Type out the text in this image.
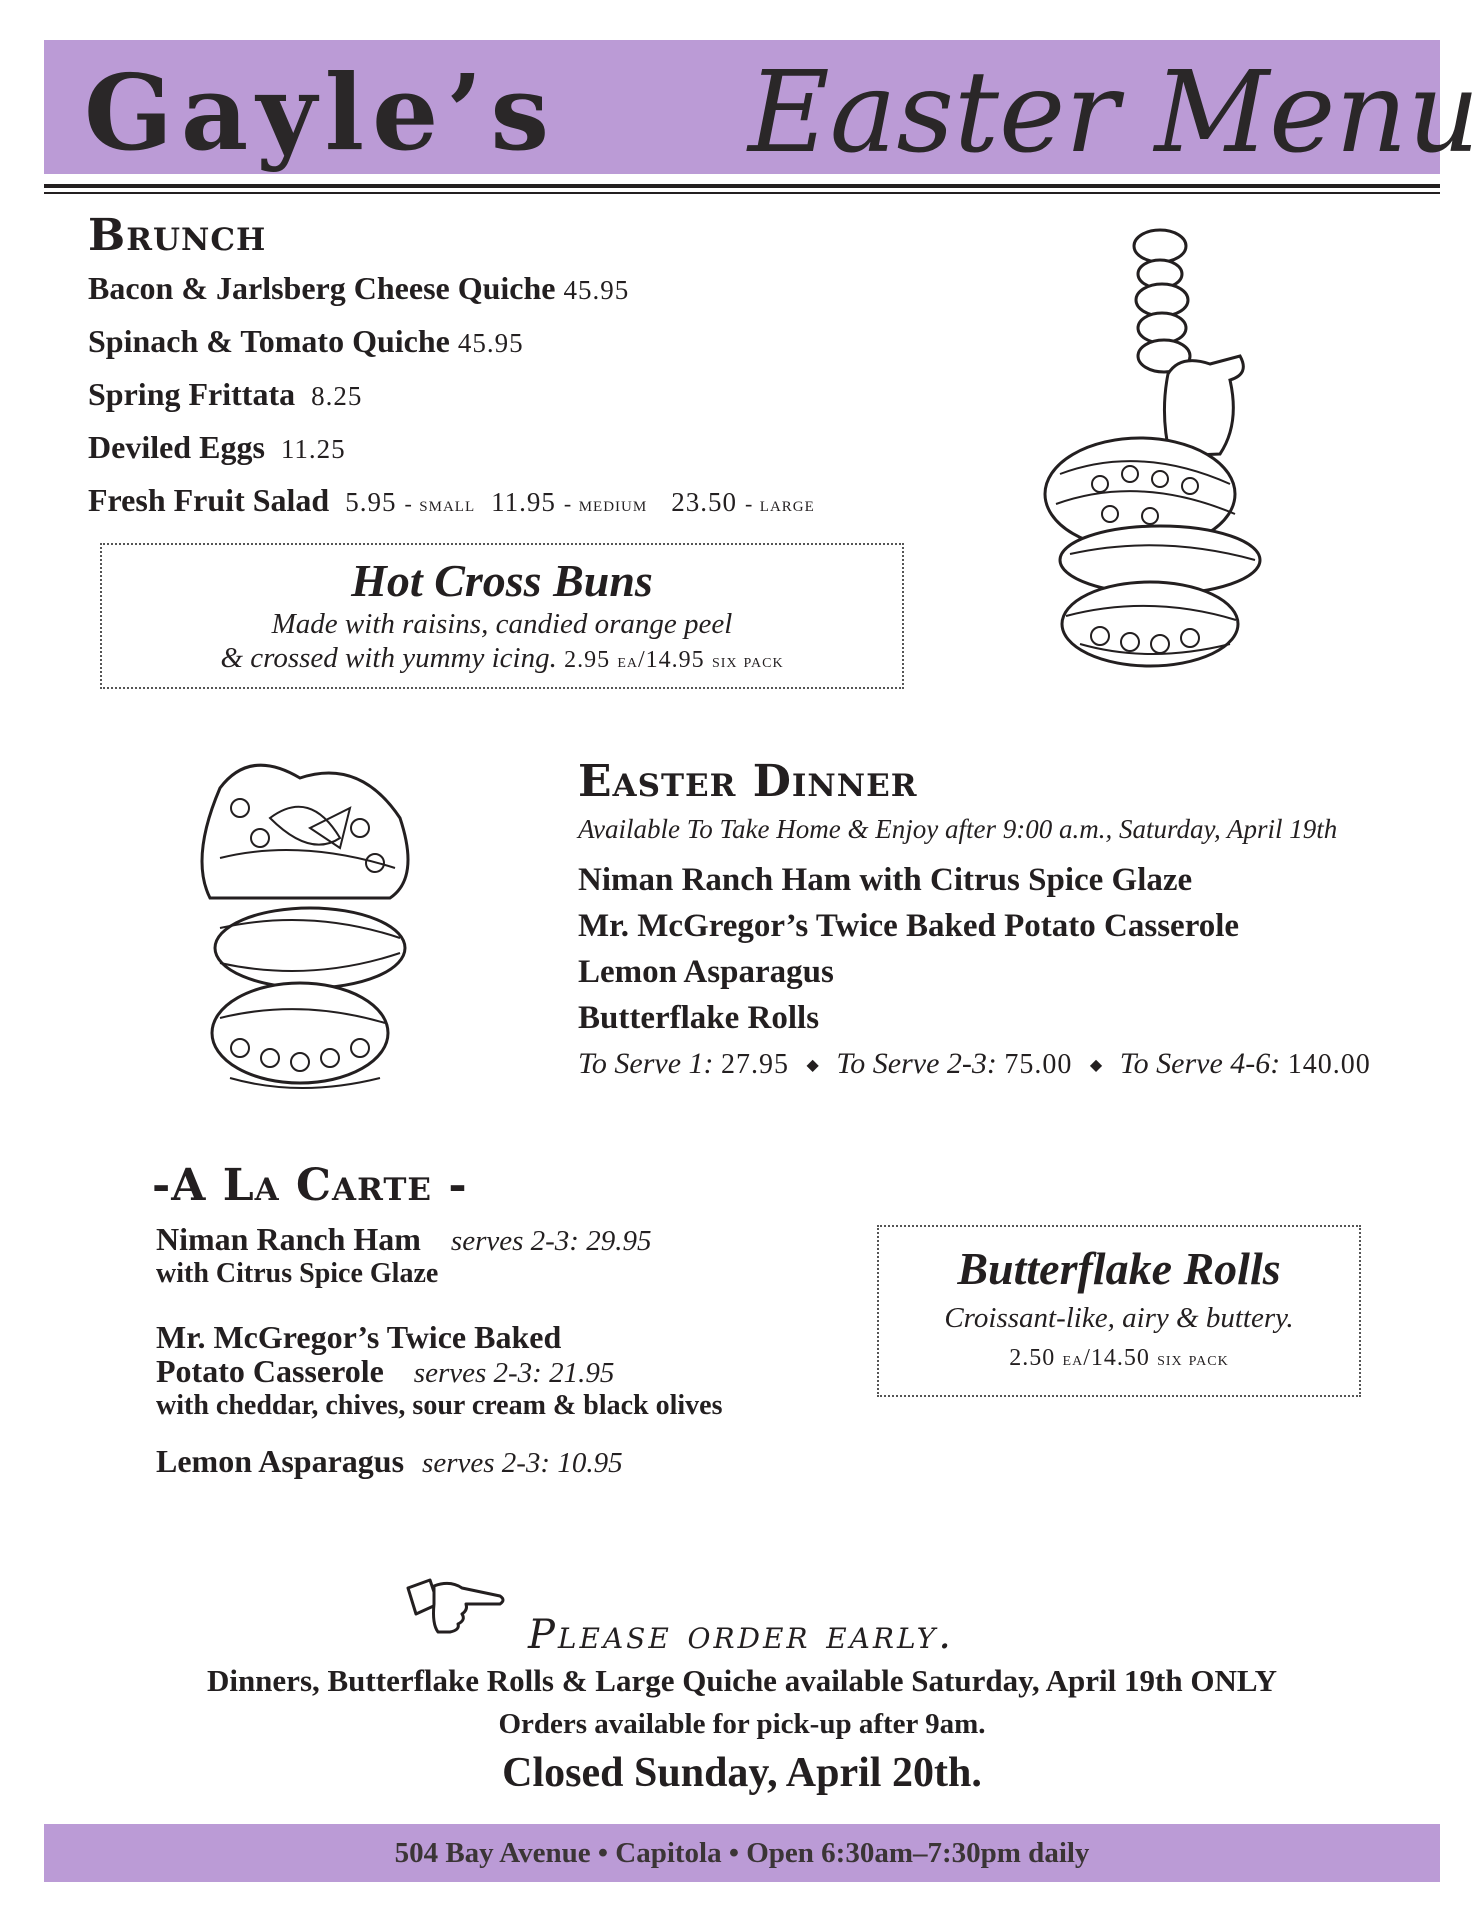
Gayle’s Easter Menu
Brunch
Bacon & Jarlsberg Cheese Quiche 45.95
Spinach & Tomato Quiche 45.95
Spring Frittata 8.25
Deviled Eggs 11.25
Fresh Fruit Salad 5.95 - small 11.95 - medium 23.50 - large
Hot Cross Buns
Made with raisins, candied orange peel
& crossed with yummy icing. 2.95 ea/14.95 six pack
Easter Dinner
Available To Take Home & Enjoy after 9:00 a.m., Saturday, April 19th
Niman Ranch Ham with Citrus Spice Glaze
Mr. McGregor’s Twice Baked Potato Casserole
Lemon Asparagus
Butterflake Rolls
To Serve 1: 27.95 ◆ To Serve 2-3: 75.00 ◆ To Serve 4-6: 140.00
-A La Carte -
Niman Ranch Ham serves 2-3: 29.95
with Citrus Spice Glaze
Mr. McGregor’s Twice Baked
Potato Casserole serves 2-3: 21.95
with cheddar, chives, sour cream & black olives
Lemon Asparagus serves 2-3: 10.95
Butterflake Rolls
Croissant-like, airy & buttery.
2.50 ea/14.50 six pack
Please order early.
Dinners, Butterflake Rolls & Large Quiche available Saturday, April 19th ONLY
Orders available for pick-up after 9am.
Closed Sunday, April 20th.
504 Bay Avenue • Capitola • Open 6:30am–7:30pm daily
